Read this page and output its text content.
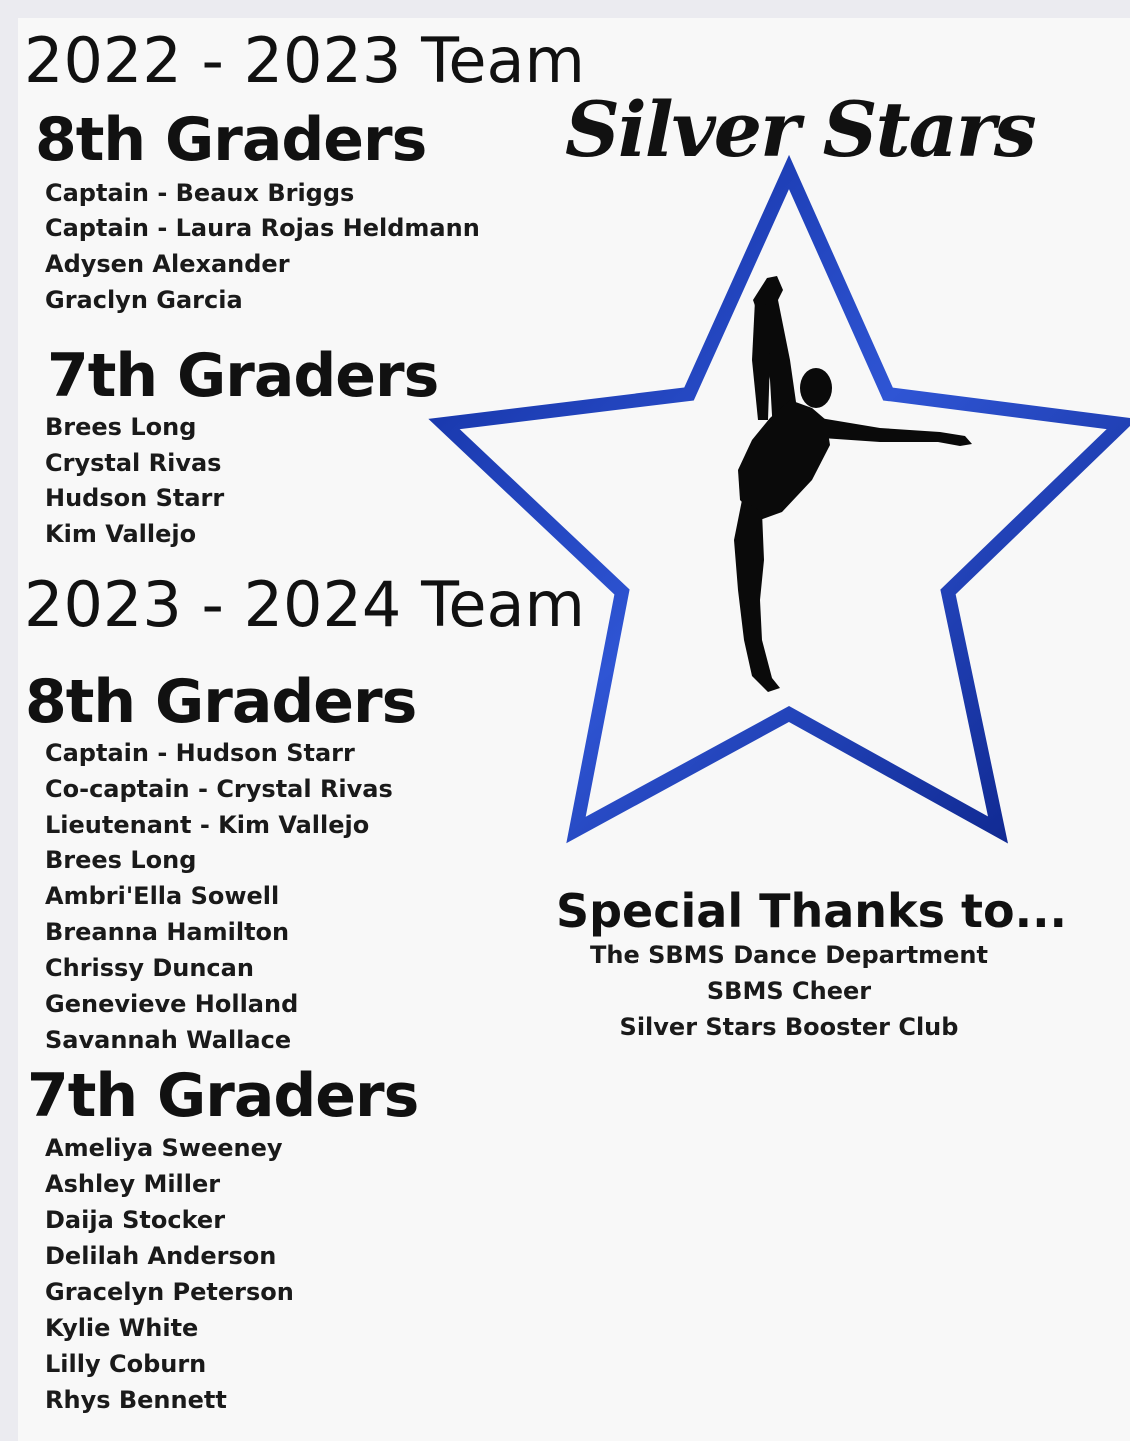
Silver Stars
2022 - 2023 Team
8th Graders
Captain - Beaux Briggs
Captain - Laura Rojas Heldmann
Adysen Alexander
Graclyn Garcia
7th Graders
Brees Long
Crystal Rivas
Hudson Starr
Kim Vallejo
2023 - 2024 Team
8th Graders
Captain - Hudson Starr
Co-captain - Crystal Rivas
Lieutenant - Kim Vallejo
Brees Long
Ambri'Ella Sowell
Breanna Hamilton
Chrissy Duncan
Genevieve Holland
Savannah Wallace
7th Graders
Ameliya Sweeney
Ashley Miller
Daija Stocker
Delilah Anderson
Gracelyn Peterson
Kylie White
Lilly Coburn
Rhys Bennett
Special Thanks to...
The SBMS Dance Department
SBMS Cheer
Silver Stars Booster Club
